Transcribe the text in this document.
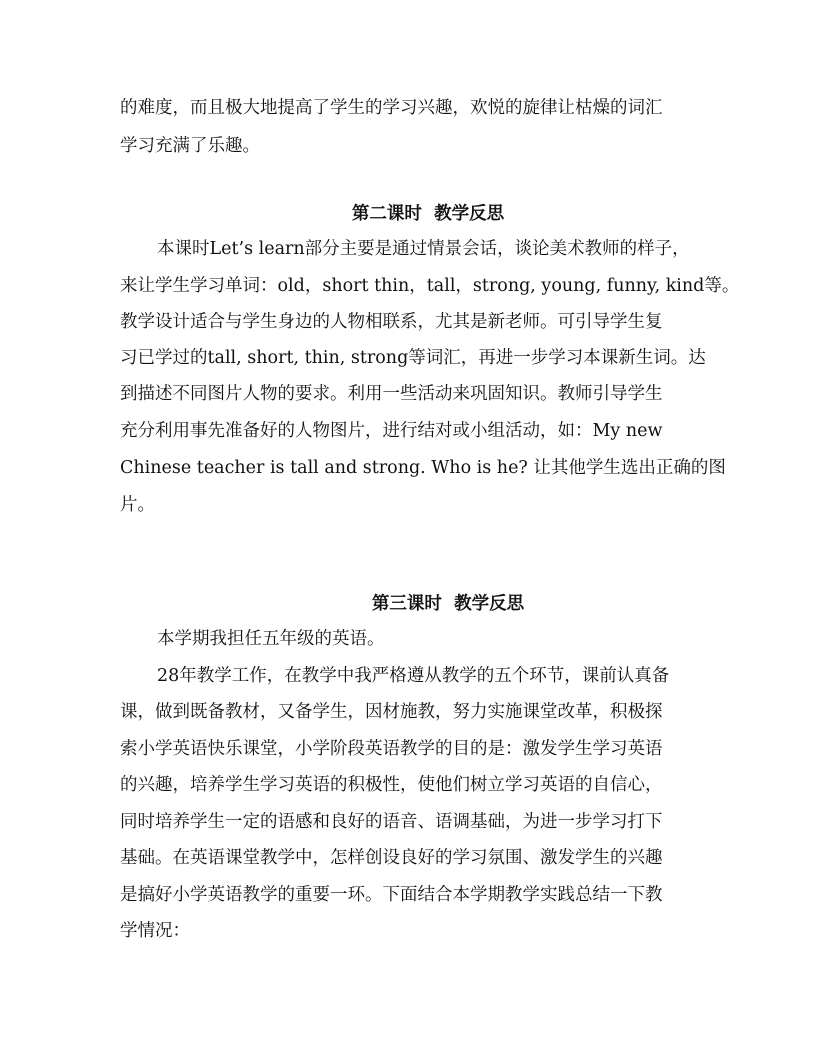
的难度，而且极大地提高了学生的学习兴趣，欢悦的旋律让枯燥的词汇
学习充满了乐趣。
第二课时  教学反思
本课时Let’s learn部分主要是通过情景会话，谈论美术教师的样子，
来让学生学习单词：old，short thin，tall，strong, young, funny, kind等。
教学设计适合与学生身边的人物相联系，尤其是新老师。可引导学生复
习已学过的tall, short, thin, strong等词汇，再进一步学习本课新生词。达
到描述不同图片人物的要求。利用一些活动来巩固知识。教师引导学生
充分利用事先准备好的人物图片，进行结对或小组活动，如：My new
Chinese teacher is tall and strong. Who is he? 让其他学生选出正确的图
片。
第三课时  教学反思
本学期我担任五年级的英语。
28年教学工作，在教学中我严格遵从教学的五个环节，课前认真备
课，做到既备教材，又备学生，因材施教，努力实施课堂改革，积极探
索小学英语快乐课堂，小学阶段英语教学的目的是：激发学生学习英语
的兴趣，培养学生学习英语的积极性，使他们树立学习英语的自信心，
同时培养学生一定的语感和良好的语音、语调基础，为进一步学习打下
基础。在英语课堂教学中，怎样创设良好的学习氛围、激发学生的兴趣
是搞好小学英语教学的重要一环。下面结合本学期教学实践总结一下教
学情况：
